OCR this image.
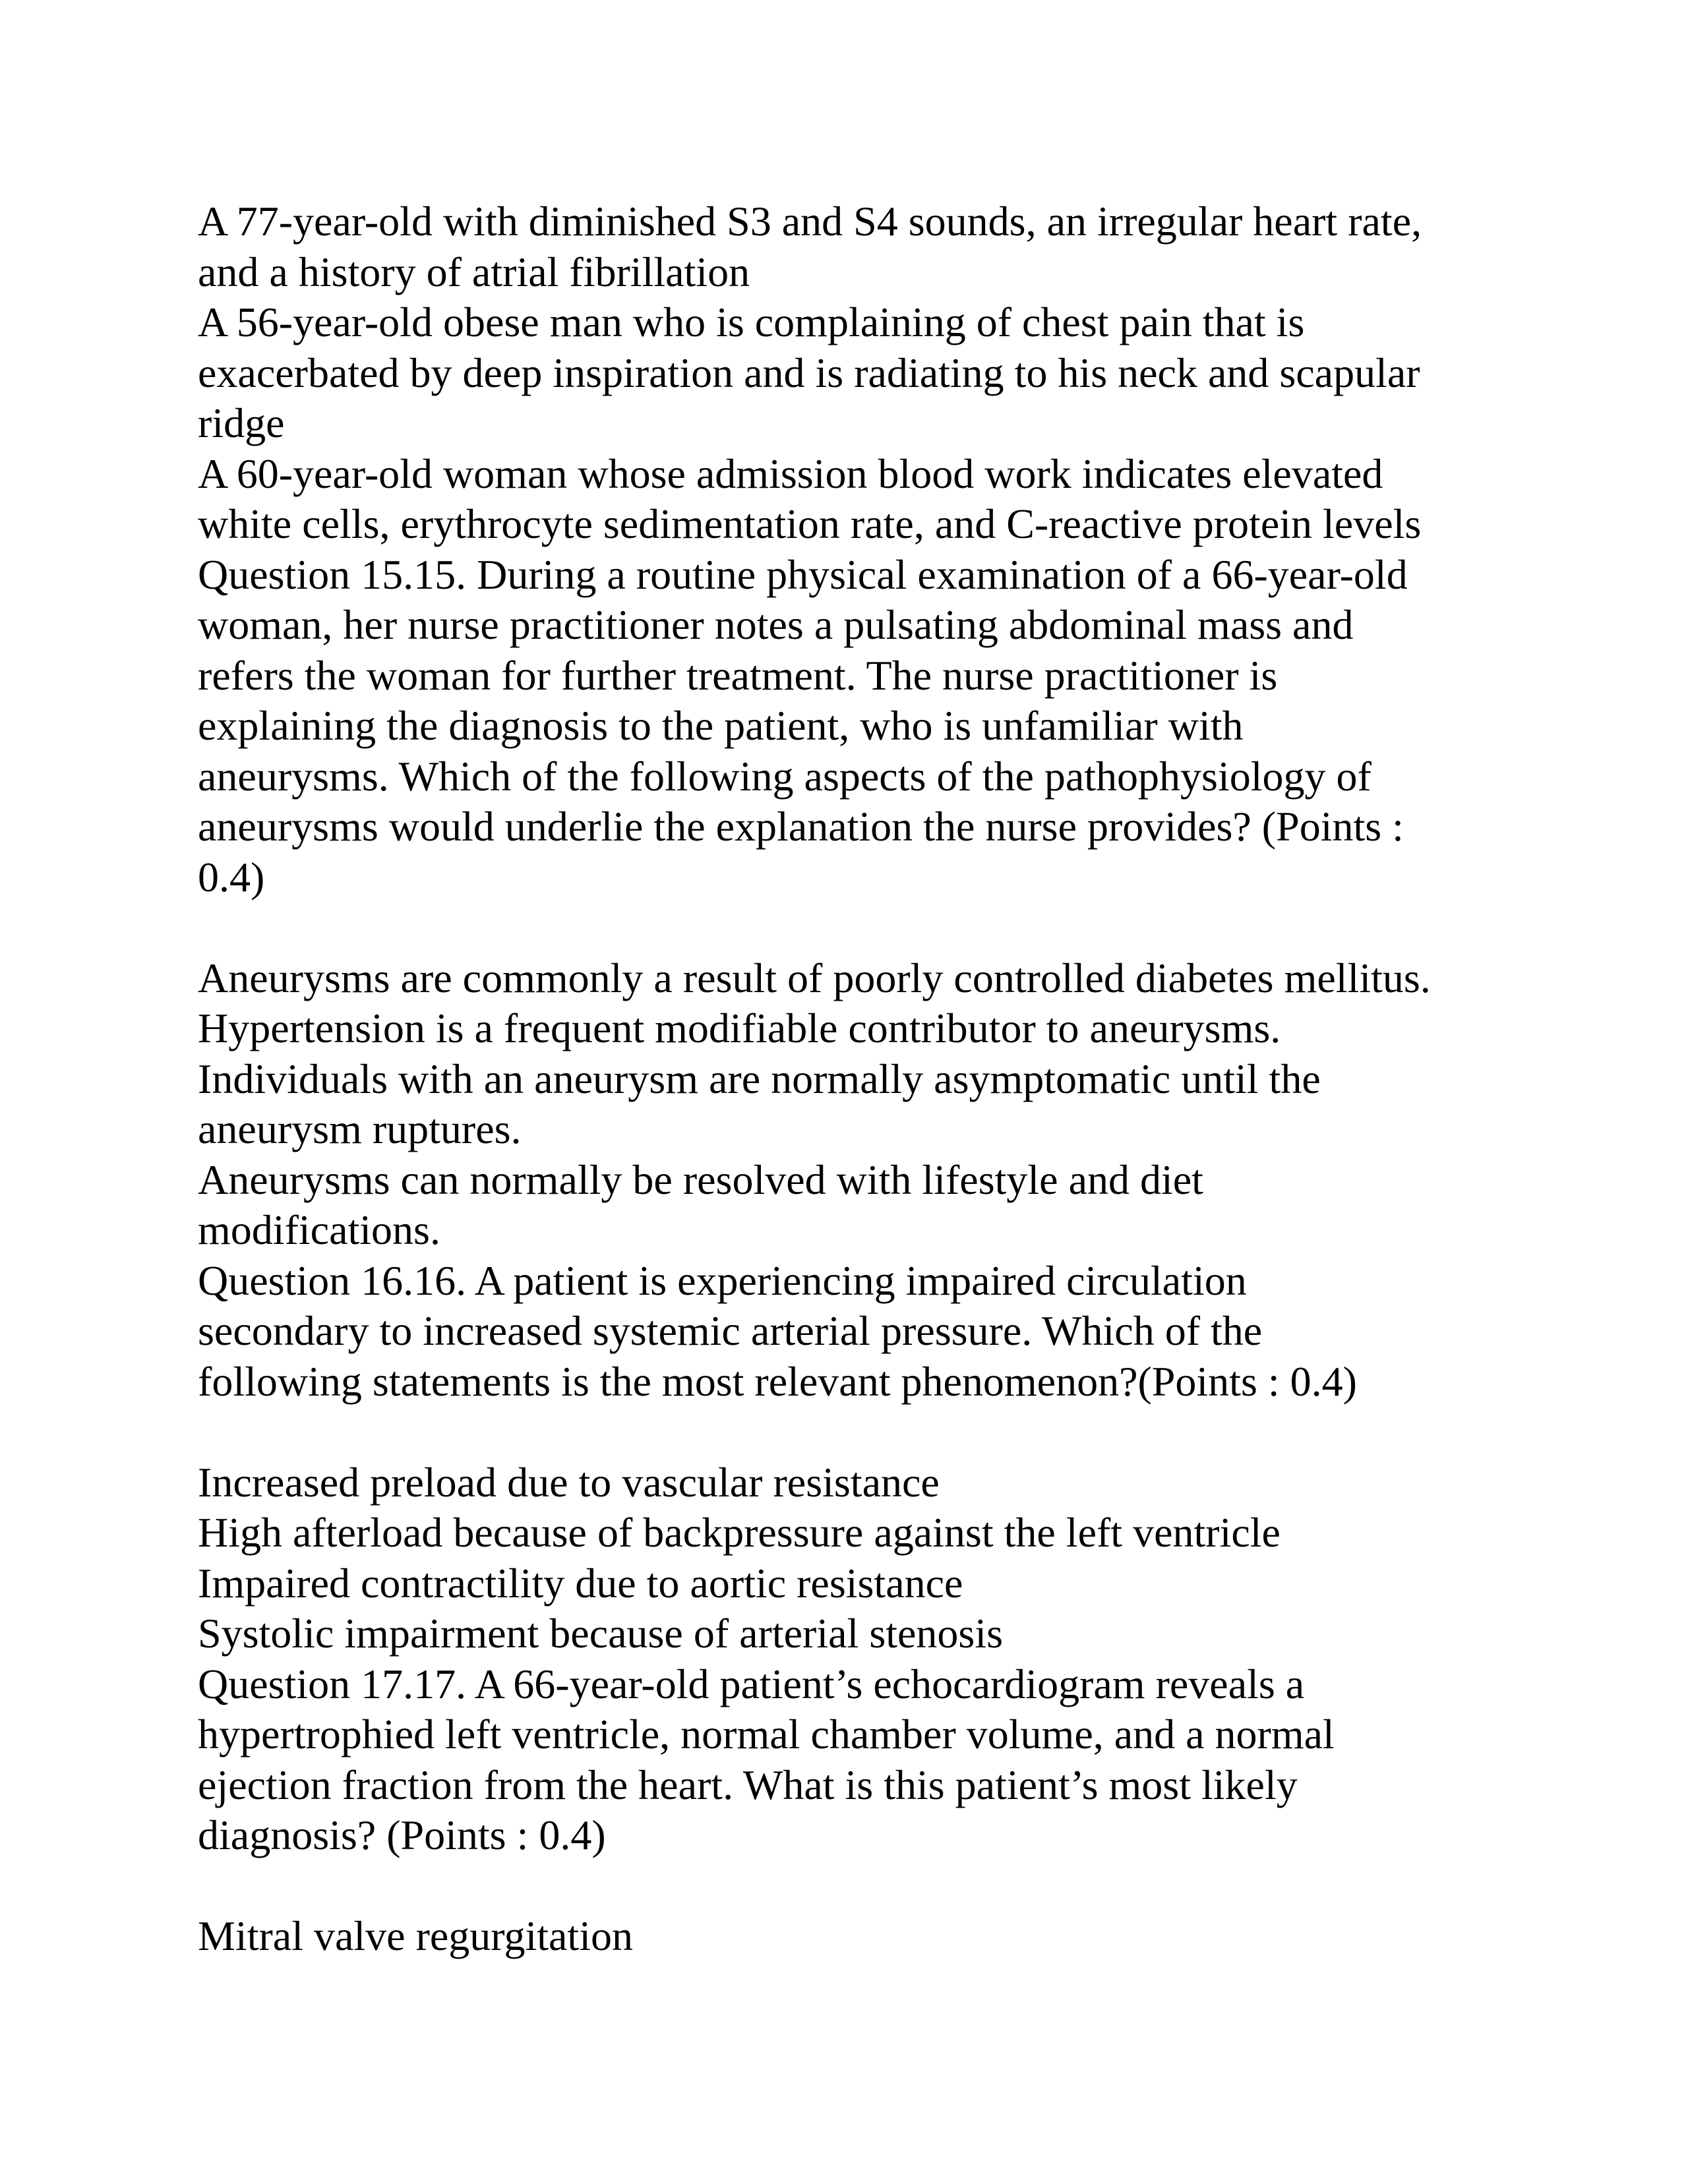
A 77-year-old with diminished S3 and S4 sounds, an irregular heart rate,
and a history of atrial fibrillation
A 56-year-old obese man who is complaining of chest pain that is
exacerbated by deep inspiration and is radiating to his neck and scapular
ridge
A 60-year-old woman whose admission blood work indicates elevated
white cells, erythrocyte sedimentation rate, and C-reactive protein levels
Question 15.15. During a routine physical examination of a 66-year-old
woman, her nurse practitioner notes a pulsating abdominal mass and
refers the woman for further treatment. The nurse practitioner is
explaining the diagnosis to the patient, who is unfamiliar with
aneurysms. Which of the following aspects of the pathophysiology of
aneurysms would underlie the explanation the nurse provides? (Points :
0.4)
Aneurysms are commonly a result of poorly controlled diabetes mellitus.
Hypertension is a frequent modifiable contributor to aneurysms.
Individuals with an aneurysm are normally asymptomatic until the
aneurysm ruptures.
Aneurysms can normally be resolved with lifestyle and diet
modifications.
Question 16.16. A patient is experiencing impaired circulation
secondary to increased systemic arterial pressure. Which of the
following statements is the most relevant phenomenon?(Points : 0.4)
Increased preload due to vascular resistance
High afterload because of backpressure against the left ventricle
Impaired contractility due to aortic resistance
Systolic impairment because of arterial stenosis
Question 17.17. A 66-year-old patient’s echocardiogram reveals a
hypertrophied left ventricle, normal chamber volume, and a normal
ejection fraction from the heart. What is this patient’s most likely
diagnosis? (Points : 0.4)
Mitral valve regurgitation
